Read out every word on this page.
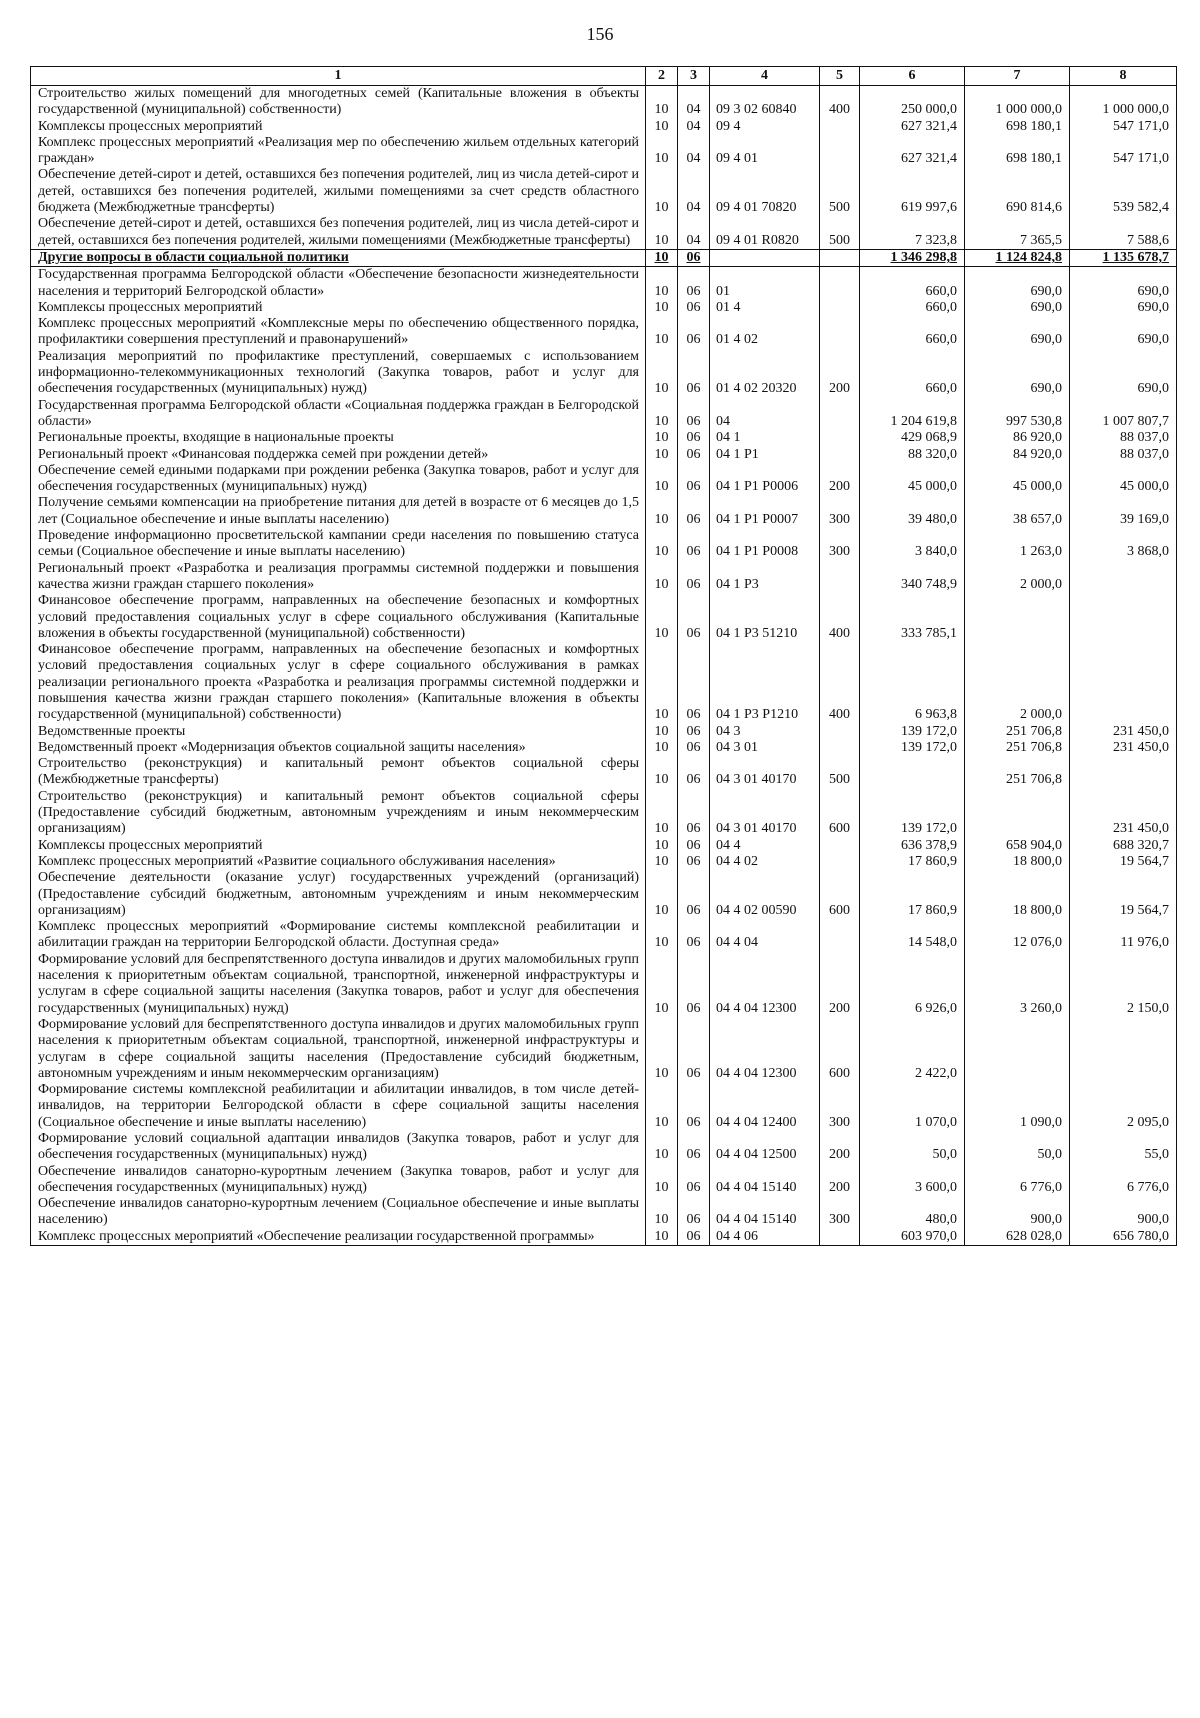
156
1	2	3	4	5	6	7	8
Строительство жилых помещений для многодетных семей (Капитальные вложения в объекты государственной (муниципальной) собственности)	10	04	09 3 02 60840	400	250 000,0	1 000 000,0	1 000 000,0
Комплексы процессных мероприятий	10	04	09 4		627 321,4	698 180,1	547 171,0
Комплекс процессных мероприятий «Реализация мер по обеспечению жильем отдельных категорий граждан»	10	04	09 4 01		627 321,4	698 180,1	547 171,0
Обеспечение детей-сирот и детей, оставшихся без попечения родителей, лиц из числа детей-сирот и детей, оставшихся без попечения родителей, жилыми помещениями за счет средств областного бюджета (Межбюджетные трансферты)	10	04	09 4 01 70820	500	619 997,6	690 814,6	539 582,4
Обеспечение детей-сирот и детей, оставшихся без попечения родителей, лиц из числа детей-сирот и детей, оставшихся без попечения родителей, жилыми помещениями (Межбюджетные трансферты)	10	04	09 4 01 R0820	500	7 323,8	7 365,5	7 588,6
Другие вопросы в области социальной политики	10	06			1 346 298,8	1 124 824,8	1 135 678,7
Государственная программа Белгородской области «Обеспечение безопасности жизнедеятельности населения и территорий Белгородской области»	10	06	01		660,0	690,0	690,0
Комплексы процессных мероприятий	10	06	01 4		660,0	690,0	690,0
Комплекс процессных мероприятий «Комплексные меры по обеспечению общественного порядка, профилактики совершения преступлений и правонарушений»	10	06	01 4 02		660,0	690,0	690,0
Реализация мероприятий по профилактике преступлений, совершаемых с использованием информационно-телекоммуникационных технологий (Закупка товаров, работ и услуг для обеспечения государственных (муниципальных) нужд)	10	06	01 4 02 20320	200	660,0	690,0	690,0
Государственная программа Белгородской области «Социальная поддержка граждан в Белгородской области»	10	06	04		1 204 619,8	997 530,8	1 007 807,7
Региональные проекты, входящие в национальные проекты	10	06	04 1		429 068,9	86 920,0	88 037,0
Региональный проект «Финансовая поддержка семей при рождении детей»	10	06	04 1 P1		88 320,0	84 920,0	88 037,0
Обеспечение семей едиными подарками при рождении ребенка (Закупка товаров, работ и услуг для обеспечения государственных (муниципальных) нужд)	10	06	04 1 P1 P0006	200	45 000,0	45 000,0	45 000,0
Получение семьями компенсации на приобретение питания для детей в возрасте от 6 месяцев до 1,5 лет (Социальное обеспечение и иные выплаты населению)	10	06	04 1 P1 P0007	300	39 480,0	38 657,0	39 169,0
Проведение информационно просветительской кампании среди населения по повышению статуса семьи (Социальное обеспечение и иные выплаты населению)	10	06	04 1 P1 P0008	300	3 840,0	1 263,0	3 868,0
Региональный проект «Разработка и реализация программы системной поддержки и повышения качества жизни граждан старшего поколения»	10	06	04 1 P3		340 748,9	2 000,0	
Финансовое обеспечение программ, направленных на обеспечение безопасных и комфортных условий предоставления социальных услуг в сфере социального обслуживания (Капитальные вложения в объекты государственной (муниципальной) собственности)	10	06	04 1 P3 51210	400	333 785,1		
Финансовое обеспечение программ, направленных на обеспечение безопасных и комфортных условий предоставления социальных услуг в сфере социального обслуживания в рамках реализации регионального проекта «Разработка и реализация программы системной поддержки и повышения качества жизни граждан старшего поколения» (Капитальные вложения в объекты государственной (муниципальной) собственности)	10	06	04 1 P3 P1210	400	6 963,8	2 000,0	
Ведомственные проекты	10	06	04 3		139 172,0	251 706,8	231 450,0
Ведомственный проект «Модернизация объектов социальной защиты населения»	10	06	04 3 01		139 172,0	251 706,8	231 450,0
Строительство (реконструкция) и капитальный ремонт объектов социальной сферы (Межбюджетные трансферты)	10	06	04 3 01 40170	500		251 706,8	
Строительство (реконструкция) и капитальный ремонт объектов социальной сферы (Предоставление субсидий бюджетным, автономным учреждениям и иным некоммерческим организациям)	10	06	04 3 01 40170	600	139 172,0		231 450,0
Комплексы процессных мероприятий	10	06	04 4		636 378,9	658 904,0	688 320,7
Комплекс процессных мероприятий «Развитие социального обслуживания населения»	10	06	04 4 02		17 860,9	18 800,0	19 564,7
Обеспечение деятельности (оказание услуг) государственных учреждений (организаций) (Предоставление субсидий бюджетным, автономным учреждениям и иным некоммерческим организациям)	10	06	04 4 02 00590	600	17 860,9	18 800,0	19 564,7
Комплекс процессных мероприятий «Формирование системы комплексной реабилитации и абилитации граждан на территории Белгородской области. Доступная среда»	10	06	04 4 04		14 548,0	12 076,0	11 976,0
Формирование условий для беспрепятственного доступа инвалидов и других маломобильных групп населения к приоритетным объектам социальной, транспортной, инженерной инфраструктуры и услугам в сфере социальной защиты населения (Закупка товаров, работ и услуг для обеспечения государственных (муниципальных) нужд)	10	06	04 4 04 12300	200	6 926,0	3 260,0	2 150,0
Формирование условий для беспрепятственного доступа инвалидов и других маломобильных групп населения к приоритетным объектам социальной, транспортной, инженерной инфраструктуры и услугам в сфере социальной защиты населения (Предоставление субсидий бюджетным, автономным учреждениям и иным некоммерческим организациям)	10	06	04 4 04 12300	600	2 422,0		
Формирование системы комплексной реабилитации и абилитации инвалидов, в том числе детей-инвалидов, на территории Белгородской области в сфере социальной защиты населения (Социальное обеспечение и иные выплаты населению)	10	06	04 4 04 12400	300	1 070,0	1 090,0	2 095,0
Формирование условий социальной адаптации инвалидов (Закупка товаров, работ и услуг для обеспечения государственных (муниципальных) нужд)	10	06	04 4 04 12500	200	50,0	50,0	55,0
Обеспечение инвалидов санаторно-курортным лечением (Закупка товаров, работ и услуг для обеспечения государственных (муниципальных) нужд)	10	06	04 4 04 15140	200	3 600,0	6 776,0	6 776,0
Обеспечение инвалидов санаторно-курортным лечением (Социальное обеспечение и иные выплаты населению)	10	06	04 4 04 15140	300	480,0	900,0	900,0
Комплекс процессных мероприятий «Обеспечение реализации государственной программы»	10	06	04 4 06		603 970,0	628 028,0	656 780,0
